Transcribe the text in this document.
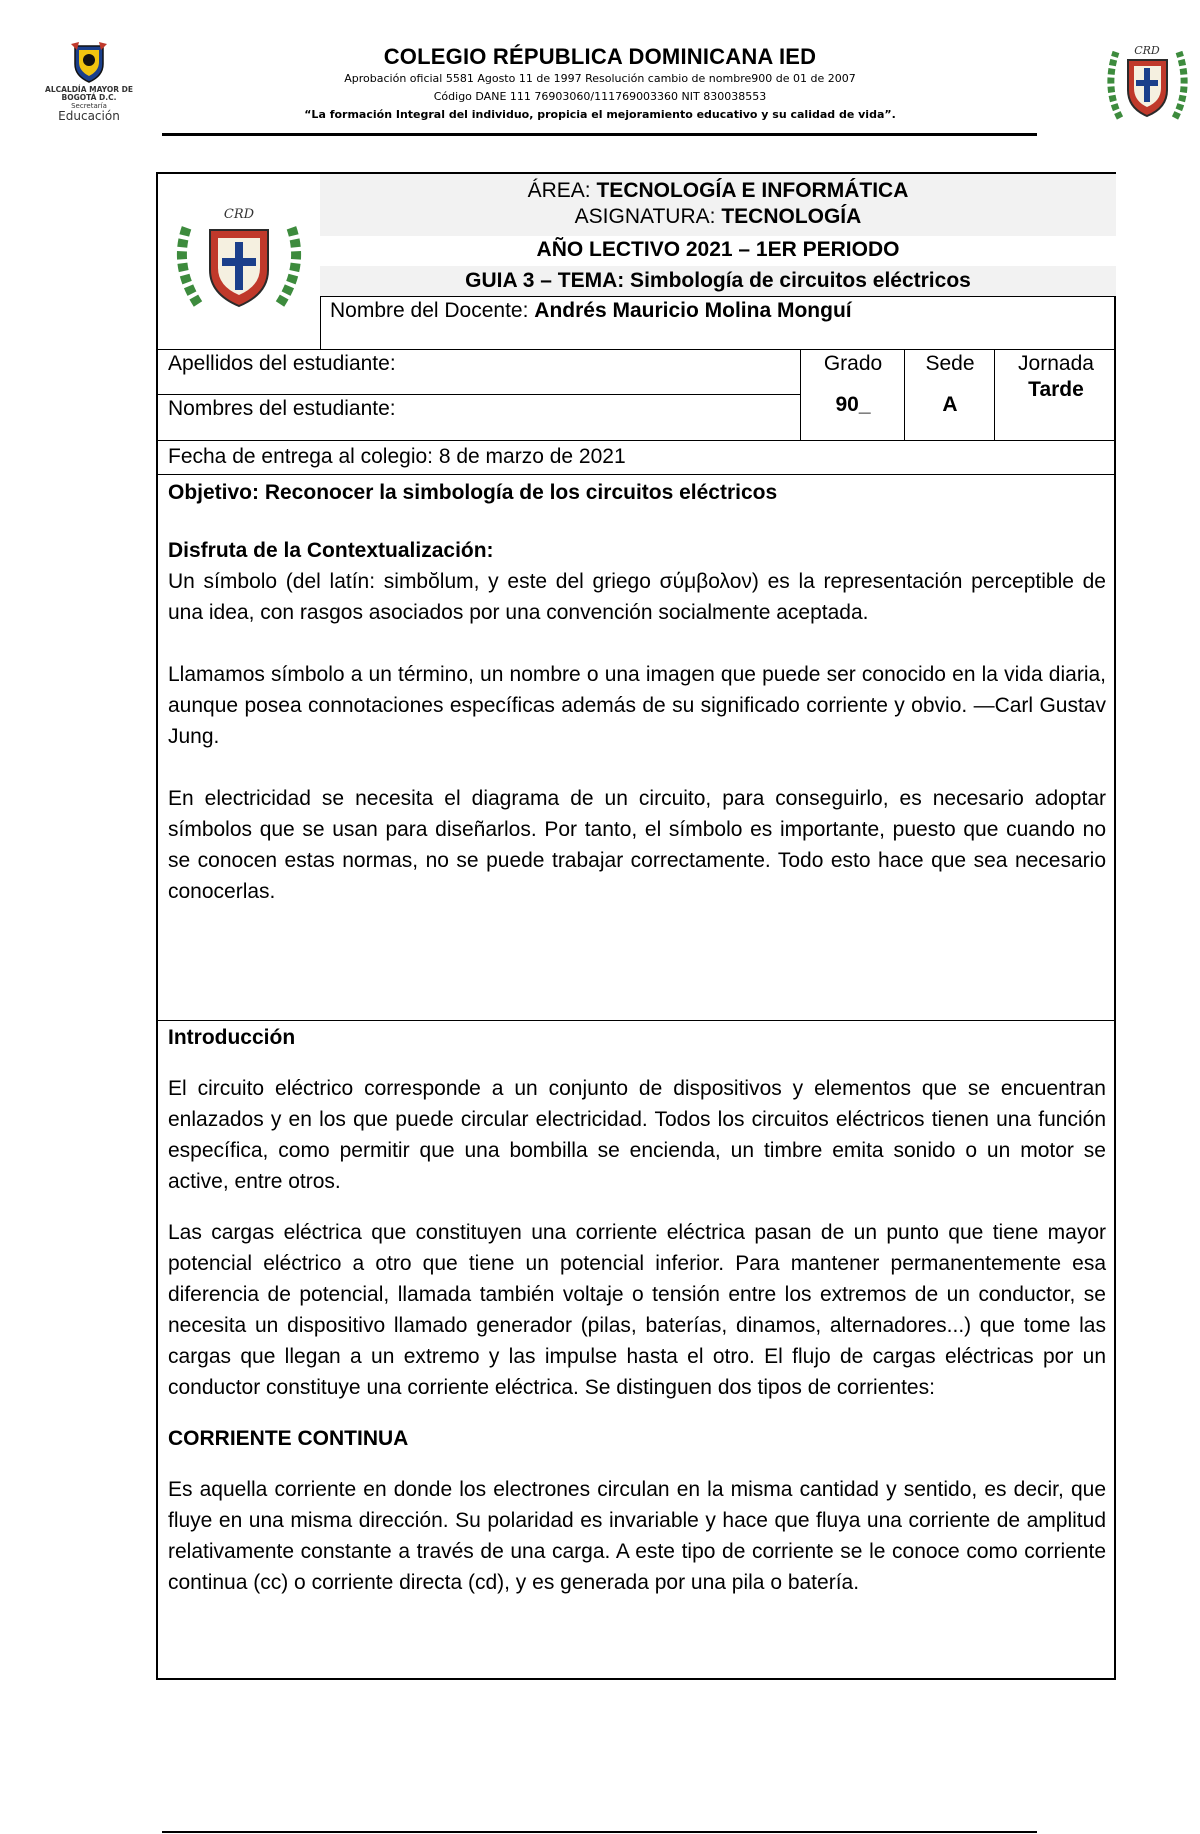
ALCALDÍA MAYOR DE BOGOTÁ D.C.
Secretaría
Educación
COLEGIO RÉPUBLICA DOMINICANA IED
Aprobación oficial 5581 Agosto 11 de 1997 Resolución cambio de nombre900 de 01 de 2007
Código DANE 111 76903060/111769003360 NIT 830038553
“La formación Integral del individuo, propicia el mejoramiento educativo y su calidad de vida”.
CRD
CRD
ÁREA: TECNOLOGÍA E INFORMÁTICA
ASIGNATURA: TECNOLOGÍA
AÑO LECTIVO 2021 – 1ER PERIODO
GUIA 3 – TEMA: Simbología de circuitos eléctricos
Nombre del Docente: Andrés Mauricio Molina Monguí
Apellidos del estudiante:
Nombres del estudiante:
Grado
90_
Sede
A
Jornada
Tarde
Fecha de entrega al colegio: 8 de marzo de 2021

Objetivo: Reconocer la simbología de los circuitos eléctricos

Disfruta de la Contextualización:

Un símbolo (del latín: simbŏlum, y este del griego σύμβολον) es la representación perceptible de una idea, con rasgos asociados por una convención socialmente aceptada.

Llamamos símbolo a un término, un nombre o una imagen que puede ser conocido en la vida diaria, aunque posea connotaciones específicas además de su significado corriente y obvio. —Carl Gustav Jung.

En electricidad se necesita el diagrama de un circuito, para conseguirlo, es necesario adoptar símbolos que se usan para diseñarlos. Por tanto, el símbolo es importante, puesto que cuando no se conocen estas normas, no se puede trabajar correctamente. Todo esto hace que sea necesario conocerlas.

Introducción

El circuito eléctrico corresponde a un conjunto de dispositivos y elementos que se encuentran enlazados y en los que puede circular electricidad. Todos los circuitos eléctricos tienen una función específica, como permitir que una bombilla se encienda, un timbre emita sonido o un motor se active, entre otros.

Las cargas eléctrica que constituyen una corriente eléctrica pasan de un punto que tiene mayor potencial eléctrico a otro que tiene un potencial inferior. Para mantener permanentemente esa diferencia de potencial, llamada también voltaje o tensión entre los extremos de un conductor, se necesita un dispositivo llamado generador (pilas, baterías, dinamos, alternadores...) que tome las cargas que llegan a un extremo y las impulse hasta el otro. El flujo de cargas eléctricas por un conductor constituye una corriente eléctrica. Se distinguen dos tipos de corrientes:

CORRIENTE CONTINUA

Es aquella corriente en donde los electrones circulan en la misma cantidad y sentido, es decir, que fluye en una misma dirección. Su polaridad es invariable y hace que fluya una corriente de amplitud relativamente constante a través de una carga. A este tipo de corriente se le conoce como corriente continua (cc) o corriente directa (cd), y es generada por una pila o batería.
